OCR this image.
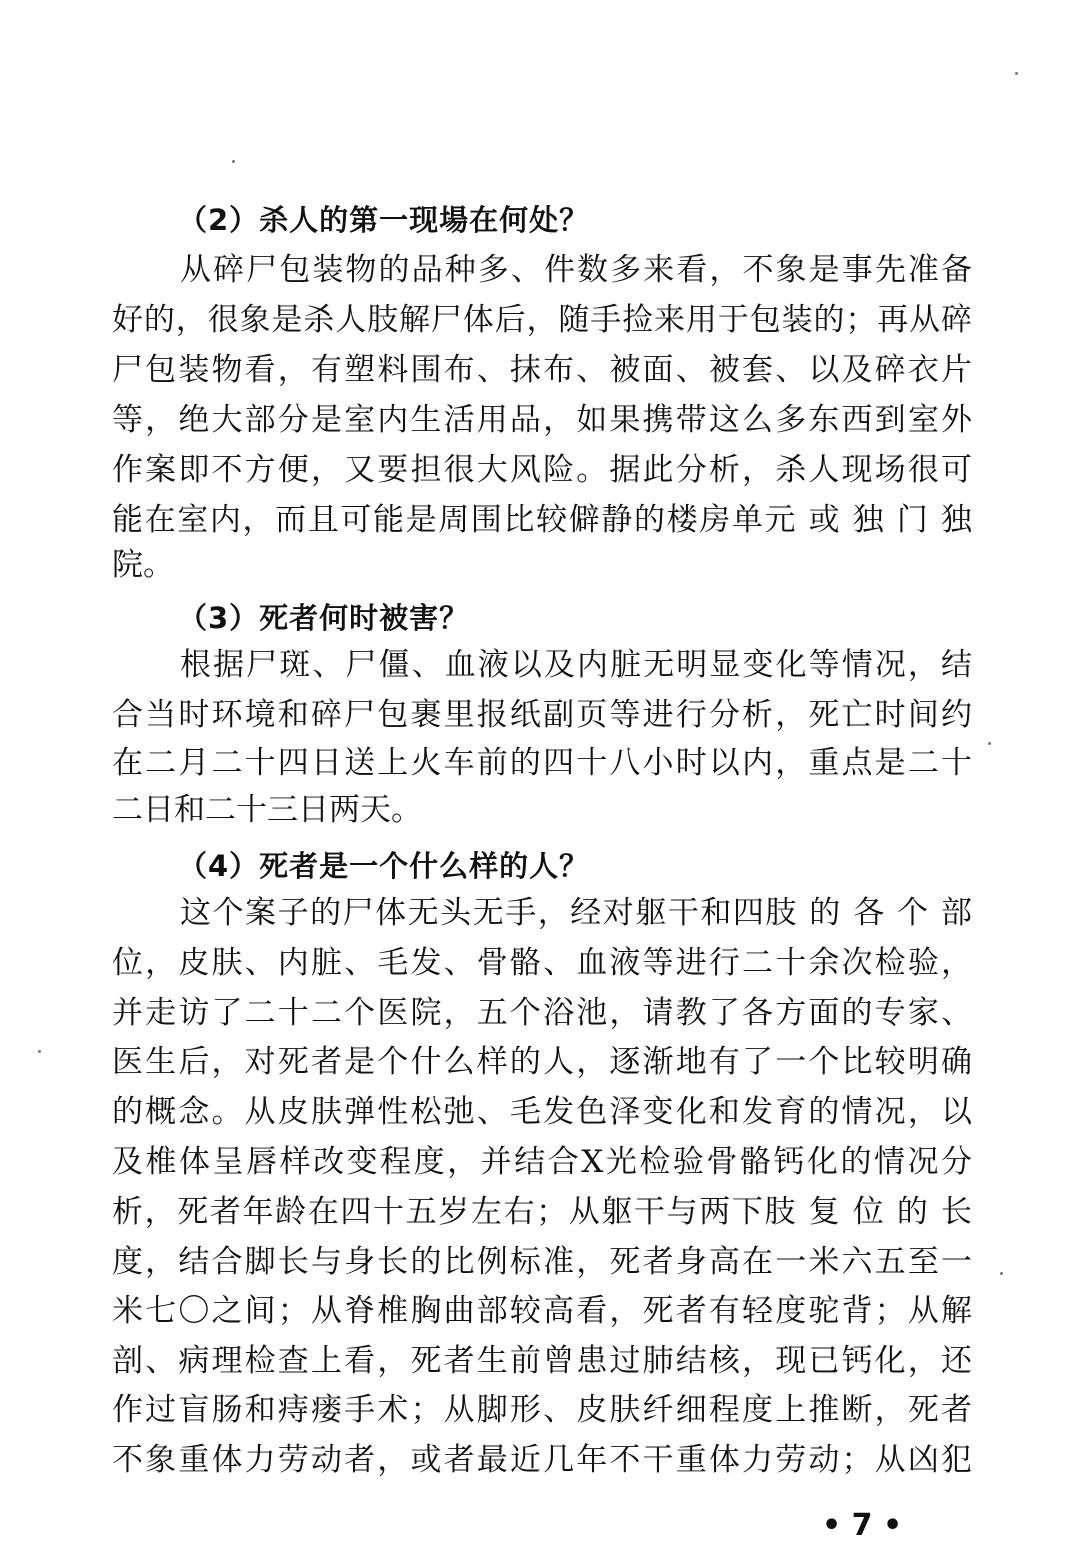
（2）杀人的第一现場在何处？
从碎尸包装物的品种多、件数多来看，不象是事先准备
好的，很象是杀人肢解尸体后，随手捡来用于包装的；再从碎
尸包装物看，有塑料围布、抹布、被面、被套、以及碎衣片
等，绝大部分是室内生活用品，如果携带这么多东西到室外
作案即不方便，又要担很大风险。据此分析，杀人现场很可
能在室内，而且可能是周围比较僻静的楼房单元 或 独 门 独
院。
（3）死者何时被害？
根据尸斑、尸僵、血液以及内脏无明显变化等情况，结
合当时环境和碎尸包裹里报纸副页等进行分析，死亡时间约
在二月二十四日送上火车前的四十八小时以内，重点是二十
二日和二十三日两天。
（4）死者是一个什么样的人？
这个案子的尸体无头无手，经对躯干和四肢 的 各 个 部
位，皮肤、内脏、毛发、骨骼、血液等进行二十余次检验，
并走访了二十二个医院，五个浴池，请教了各方面的专家、
医生后，对死者是个什么样的人，逐渐地有了一个比较明确
的概念。从皮肤弹性松弛、毛发色泽变化和发育的情况，以
及椎体呈唇样改变程度，并结合X光检验骨骼钙化的情况分
析，死者年龄在四十五岁左右；从躯干与两下肢 复 位 的 长
度，结合脚长与身长的比例标准，死者身高在一米六五至一
米七〇之间；从脊椎胸曲部较高看，死者有轻度驼背；从解
剖、病理检查上看，死者生前曾患过肺结核，现已钙化，还
作过盲肠和痔瘘手术；从脚形、皮肤纤细程度上推断，死者
不象重体力劳动者，或者最近几年不干重体力劳动；从凶犯
• 7 •
